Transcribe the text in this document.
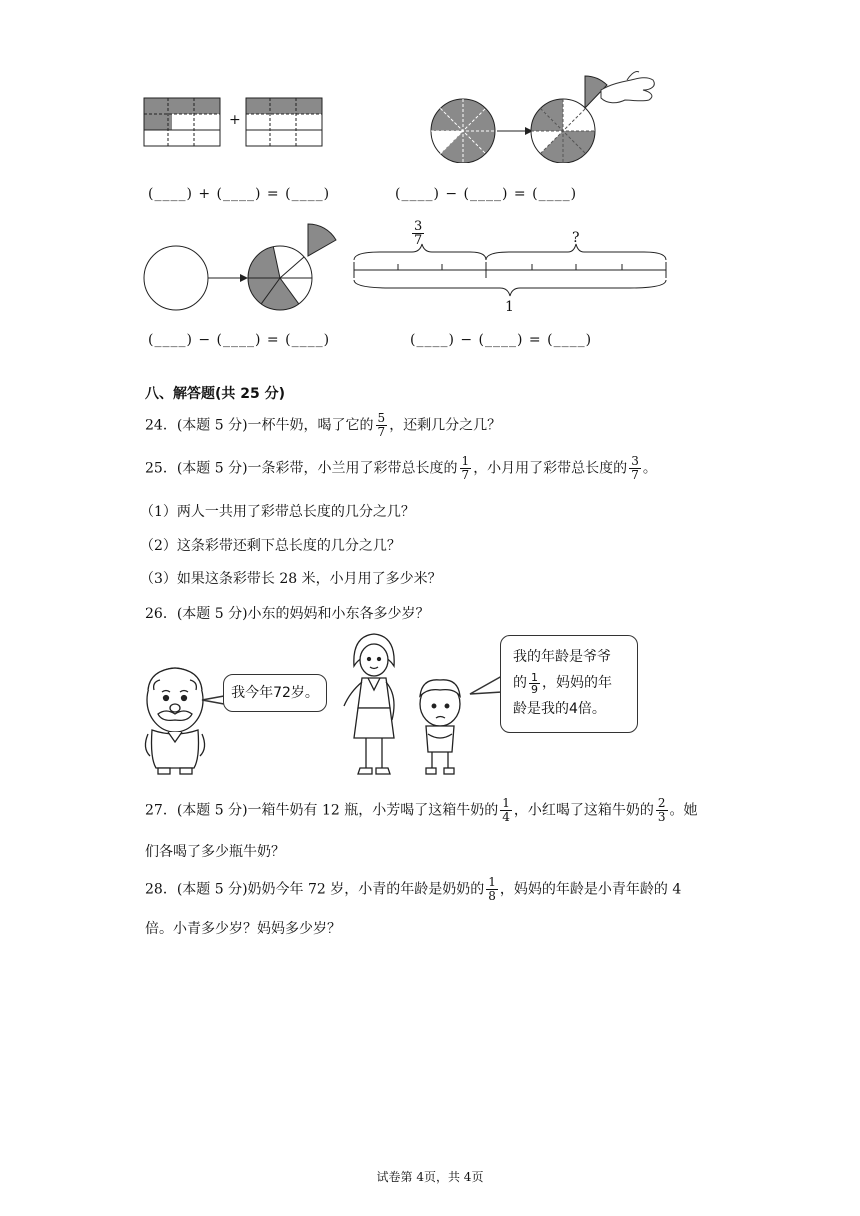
+
(____) + (____) = (____)	(____) − (____) = (____)
$\frac{3}{7}$	?
1
(____) − (____) = (____)	(____) − (____) = (____)
八、解答题(共 25 分)
24．(本题 5 分)一杯牛奶，喝了它的 $\frac{5}{7}$ ，还剩几分之几？
25．(本题 5 分)一条彩带，小兰用了彩带总长度的 $\frac{1}{7}$ ，小月用了彩带总长度的 $\frac{3}{7}$ 。
（1）两人一共用了彩带总长度的几分之几？
（2）这条彩带还剩下总长度的几分之几？
（3）如果这条彩带长 28 米，小月用了多少米？
26．(本题 5 分)小东的妈妈和小东各多少岁？
我今年72岁。
我的年龄是爷爷
的 $\frac{1}{9}$ ，妈妈的年
龄是我的4倍。
27．(本题 5 分)一箱牛奶有 12 瓶，小芳喝了这箱牛奶的 $\frac{1}{4}$ ，小红喝了这箱牛奶的 $\frac{2}{3}$ 。她
们各喝了多少瓶牛奶？
28．(本题 5 分)奶奶今年 72 岁，小青的年龄是奶奶的 $\frac{1}{8}$ ，妈妈的年龄是小青年龄的 4
倍。小青多少岁？妈妈多少岁？
试卷第 4页，共 4页
